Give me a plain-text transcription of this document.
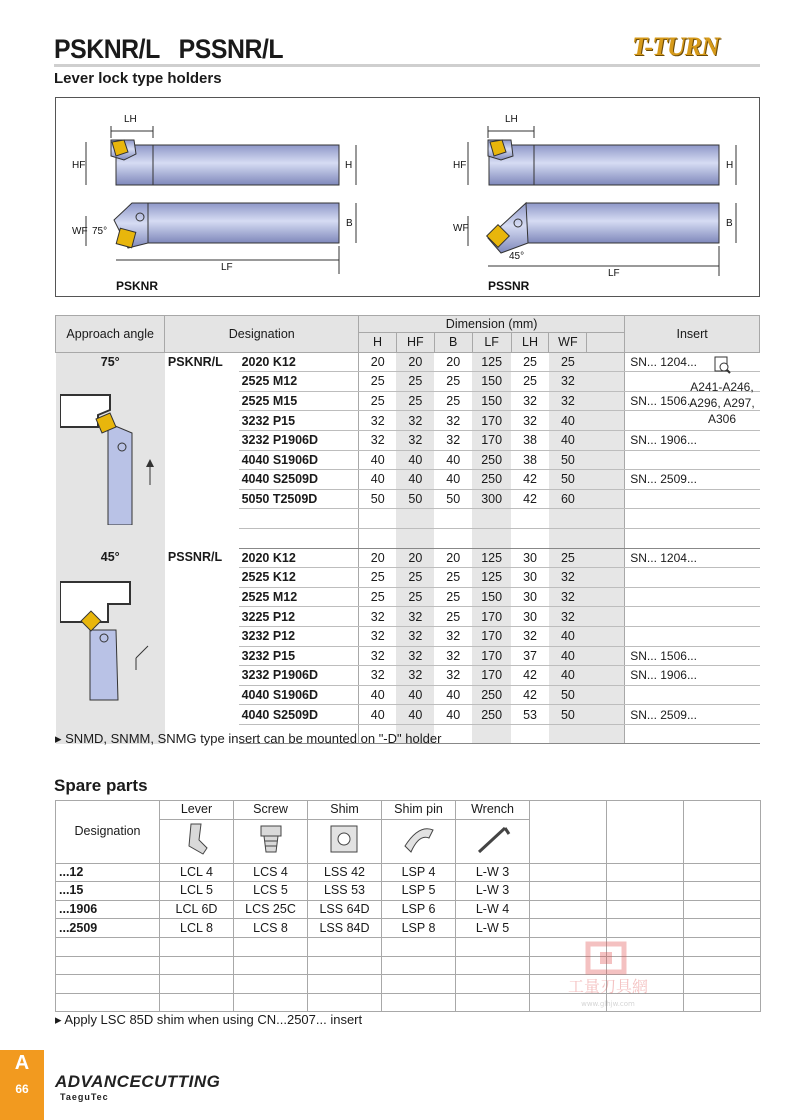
PSKNR/L   PSSNR/L
Lever lock type holders
T-TURN
LH
HF	H
75°
WF
B
LF
PSKNR
LH
HF	H
45°
WF	B
LF
PSSNR
Approach angle	Designation		Dimension (mm)							Insert
			H	HF	B	LF	LH	WF		

75°	PSKNR/L	2020 K12	20	20	20	125	25	25		SN... 1204...
		2525 M12	25	25	25	150	25	32		
		2525 M15	25	25	25	150	32	32		SN... 1506...
		3232 P15	32	32	32	170	32	40		
		3232 P1906D	32	32	32	170	38	40		SN... 1906...
		4040 S1906D	40	40	40	250	38	50		
		4040 S2509D	40	40	40	250	42	50		SN... 2509...
		5050 T2509D	50	50	50	300	42	60		

45°	PSSNR/L	2020 K12	20	20	20	125	30	25		SN... 1204...
		2525 K12	25	25	25	125	30	32		
		2525 M12	25	25	25	150	30	32		
		3225 P12	32	32	25	170	30	32		
		3232 P12	32	32	32	170	32	40		
		3232 P15	32	32	32	170	37	40		SN... 1506...
		3232 P1906D	32	32	32	170	42	40		SN... 1906...
		4040 S1906D	40	40	40	250	42	50		
		4040 S2509D	40	40	40	250	53	50		SN... 2509...

▸ SNMD, SNMM, SNMG type insert can be mounted on "-D" holder
Spare parts
Designation	Lever	Screw	Shim	Shim pin	Wrench			

...12	LCL 4	LCS 4	LSS 42	LSP 4	L-W 3			
...15	LCL 5	LCS 5	LSS 53	LSP 5	L-W 3			
...1906	LCL 6D	LCS 25C	LSS 64D	LSP 6	L-W 4			
...2509	LCL 8	LCS 8	LSS 84D	LSP 8	L-W 5			

▸ Apply LSC 85D shim when using CN...2507... insert
工量刃具網
www.glhjw.com
A
66	ADVANCECUTTING
TaeguTec
A241-A246,
A296, A297,
A306
